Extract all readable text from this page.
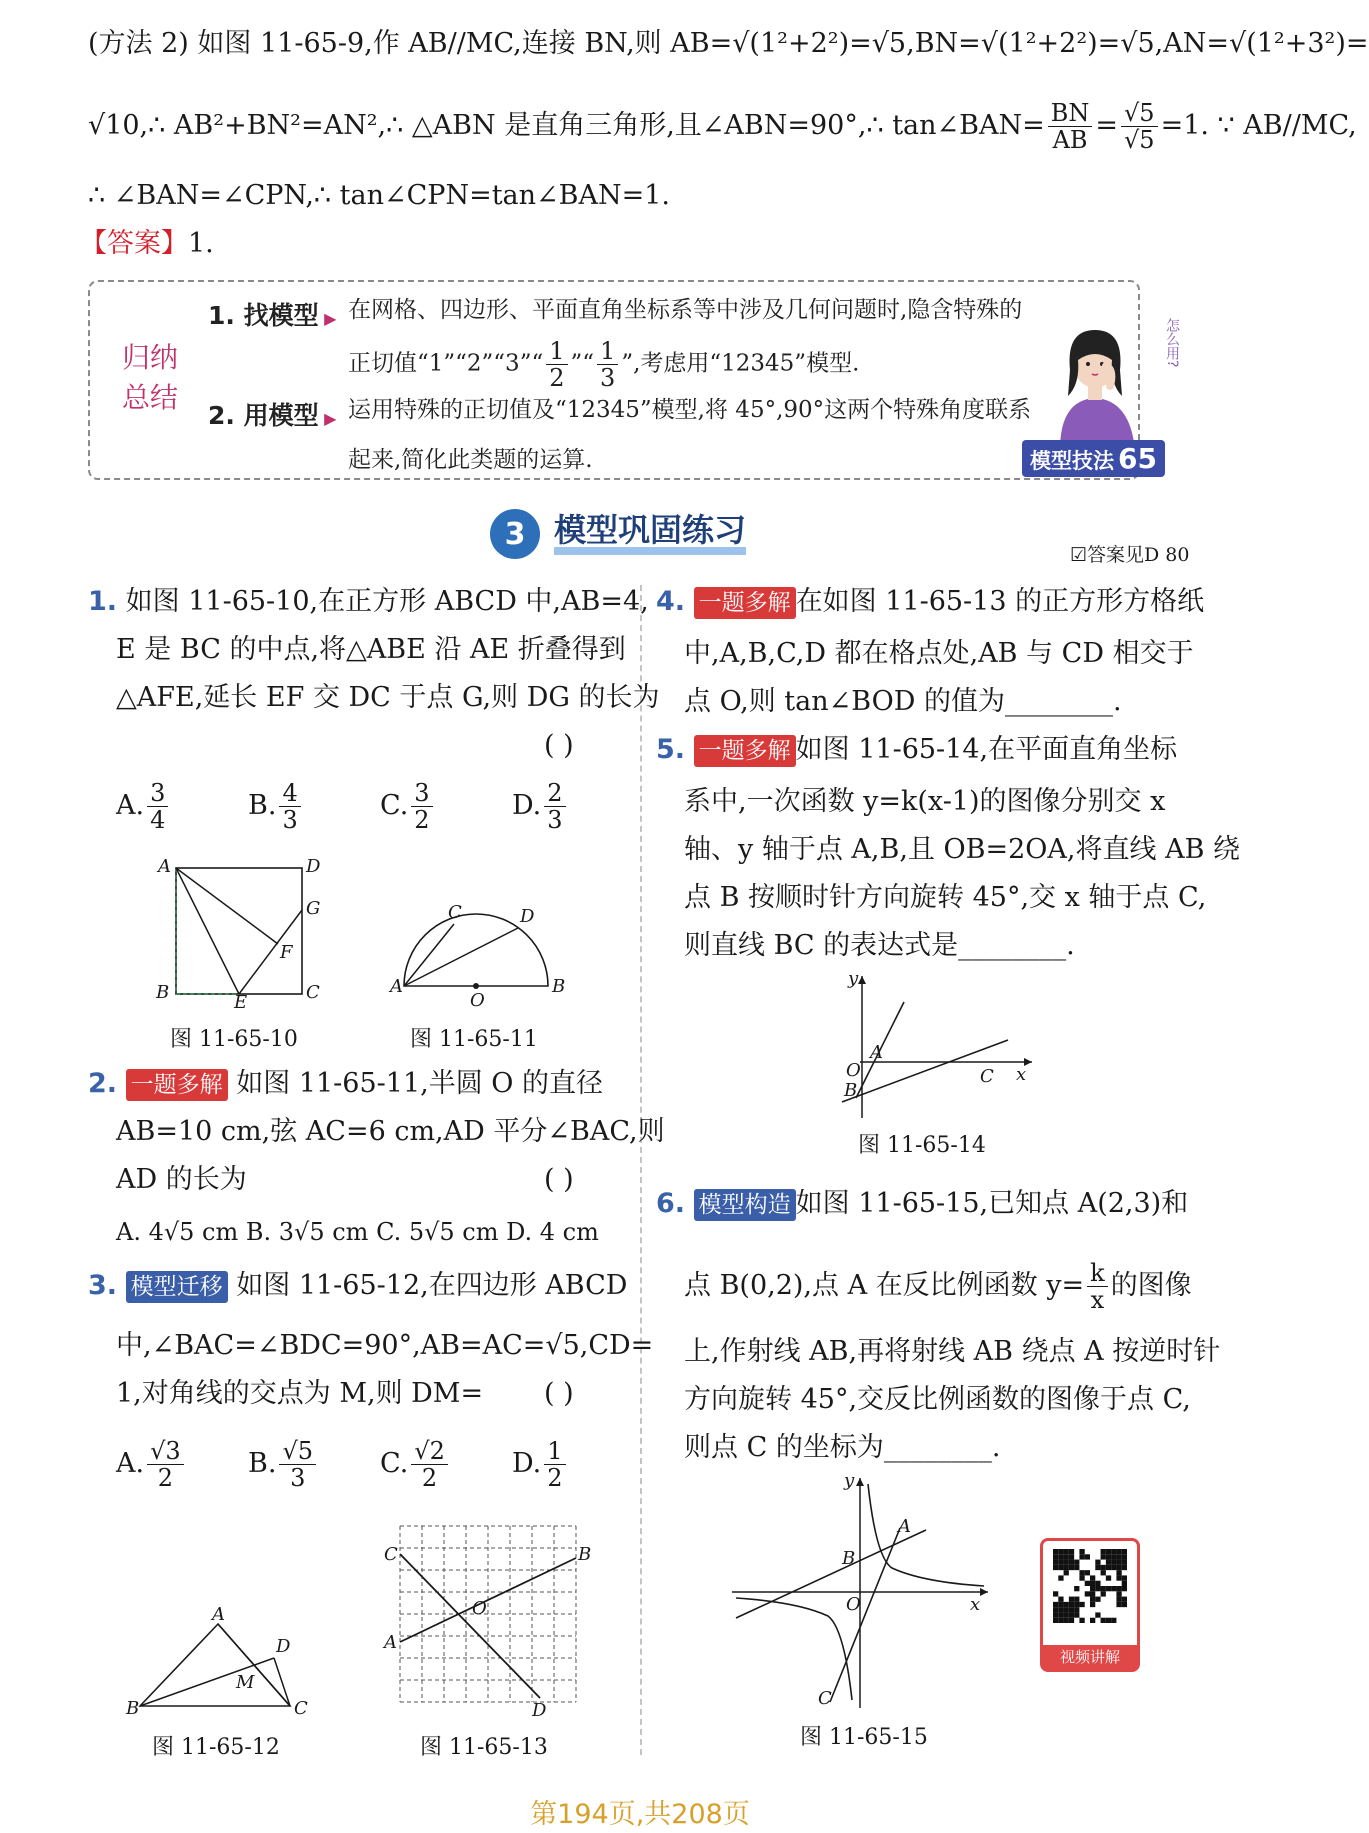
(方法 2) 如图 11-65-9,作 AB//MC,连接 BN,则 AB=√(1²+2²)=√5,BN=√(1²+2²)=√5,AN=√(1²+3²)=
√10,∴ AB²+BN²=AN²,∴ △ABN 是直角三角形,且∠ABN=90°,∴ tan∠BAN= $\frac{BN}{AB} = \frac{√5}{√5} =1$. ∵ AB//MC,
∴ ∠BAN=∠CPN,∴ tan∠CPN=tan∠BAN=1.
【答案】1.
归纳
总结
1. 找模型 ▶ 在网格、四边形、平面直角坐标系等中涉及几何问题时,隐含特殊的
正切值“1”“2”“3”“ $\frac{1}{2}$ ”“ $\frac{1}{3}$ ”,考虑用“12345”模型.
2. 用模型 ▶ 运用特殊的正切值及“12345”模型,将 45°,90°这两个特殊角度联系
起来,简化此类题的运算.
怎么用?
模型技法 65
3 模型巩固练习
☑答案见D 80
1. 如图 11-65-10,在正方形 ABCD 中,AB=4,
E 是 BC 的中点,将△ABE 沿 AE 折叠得到
△AFE,延长 EF 交 DC 于点 G,则 DG 的长为
( )
A. $\frac{3}{4}$	B. $\frac{4}{3}$	C. $\frac{3}{2}$	D. $\frac{2}{3}$
A	D
B	C
E
F
G
图 11-65-10
A	B
C	D
O
图 11-65-11
2. 一题多解 如图 11-65-11,半圆 O 的直径
AB=10 cm,弦 AC=6 cm,AD 平分∠BAC,则
AD 的长为	( )
A. 4√5 cm B. 3√5 cm C. 5√5 cm D. 4 cm
3. 模型迁移 如图 11-65-12,在四边形 ABCD
中,∠BAC=∠BDC=90°,AB=AC=√5,CD=
1,对角线的交点为 M,则 DM= ( )
A. $\frac{√3}{2} B$. $\frac{√5}{3} C$. $\frac{√2}{2} D$. $\frac{1}{2}$
B
A
C
D
M
图 11-65-12
C	B
A
D
O
图 11-65-13
4. 一题多解 在如图 11-65-13 的正方形方格纸
中,A,B,C,D 都在格点处,AB 与 CD 相交于
点 O,则 tan∠BOD 的值为________.
5. 一题多解 如图 11-65-14,在平面直角坐标
系中,一次函数 y=k(x-1)的图像分别交 x
轴、y 轴于点 A,B,且 OB=2OA,将直线 AB 绕
点 B 按顺时针方向旋转 45°,交 x 轴于点 C,
则直线 BC 的表达式是________.
y
x
A
O
B
C
图 11-65-14
6. 模型构造 如图 11-65-15,已知点 A(2,3)和
点 B(0,2),点 A 在反比例函数 $y= \frac{k}{x}$ 的图像
上,作射线 AB,再将射线 AB 绕点 A 按逆时针
方向旋转 45°,交反比例函数的图像于点 C,
则点 C 的坐标为________.
y
x
A
B
O
C
图 11-65-15
视频讲解
第194页,共208页
